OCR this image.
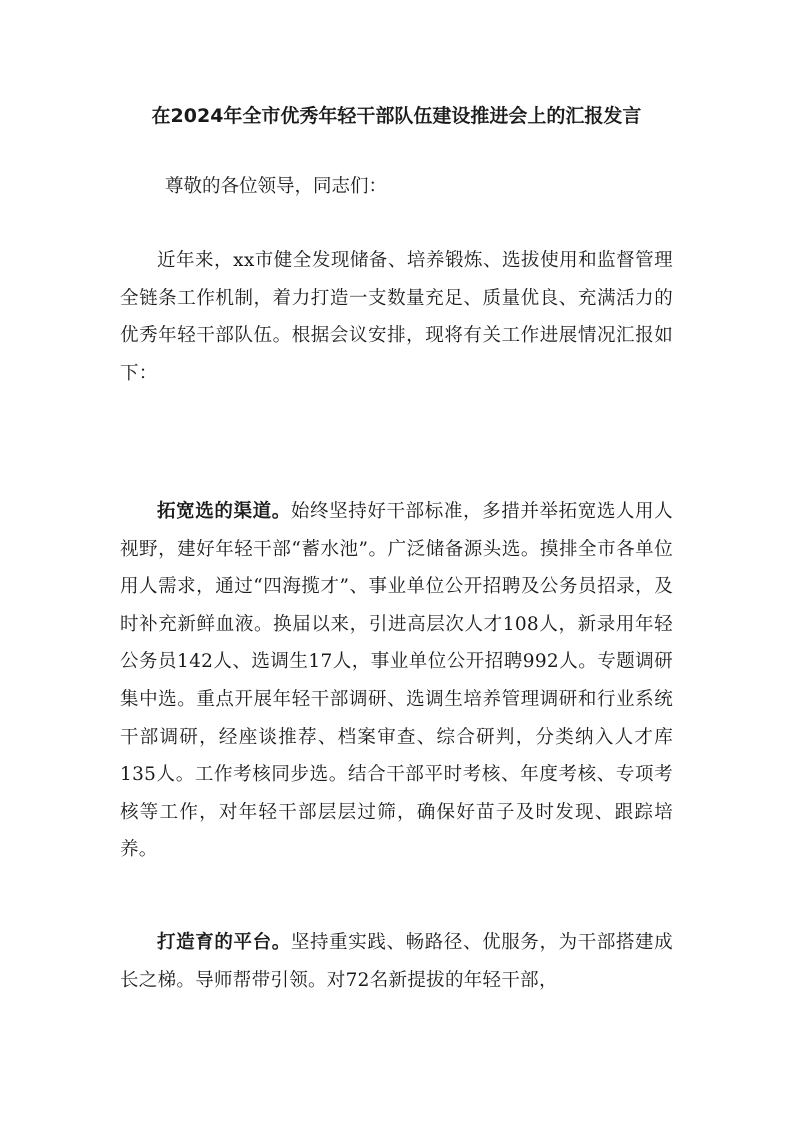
在2024年全市优秀年轻干部队伍建设推进会上的汇报发言
尊敬的各位领导，同志们：

近年来，xx市健全发现储备、培养锻炼、选拔使用和监督管理全链条工作机制，着力打造一支数量充足、质量优良、充满活力的优秀年轻干部队伍。根据会议安排，现将有关工作进展情况汇报如下：

拓宽选的渠道。始终坚持好干部标准，多措并举拓宽选人用人视野，建好年轻干部“蓄水池”。广泛储备源头选。摸排全市各单位用人需求，通过“四海揽才”、事业单位公开招聘及公务员招录，及时补充新鲜血液。换届以来，引进高层次人才108人，新录用年轻公务员142人、选调生17人，事业单位公开招聘992人。专题调研集中选。重点开展年轻干部调研、选调生培养管理调研和行业系统干部调研，经座谈推荐、档案审查、综合研判，分类纳入人才库135人。工作考核同步选。结合干部平时考核、年度考核、专项考核等工作，对年轻干部层层过筛，确保好苗子及时发现、跟踪培养。

打造育的平台。坚持重实践、畅路径、优服务，为干部搭建成长之梯。导师帮带引领。对72名新提拔的年轻干部，
